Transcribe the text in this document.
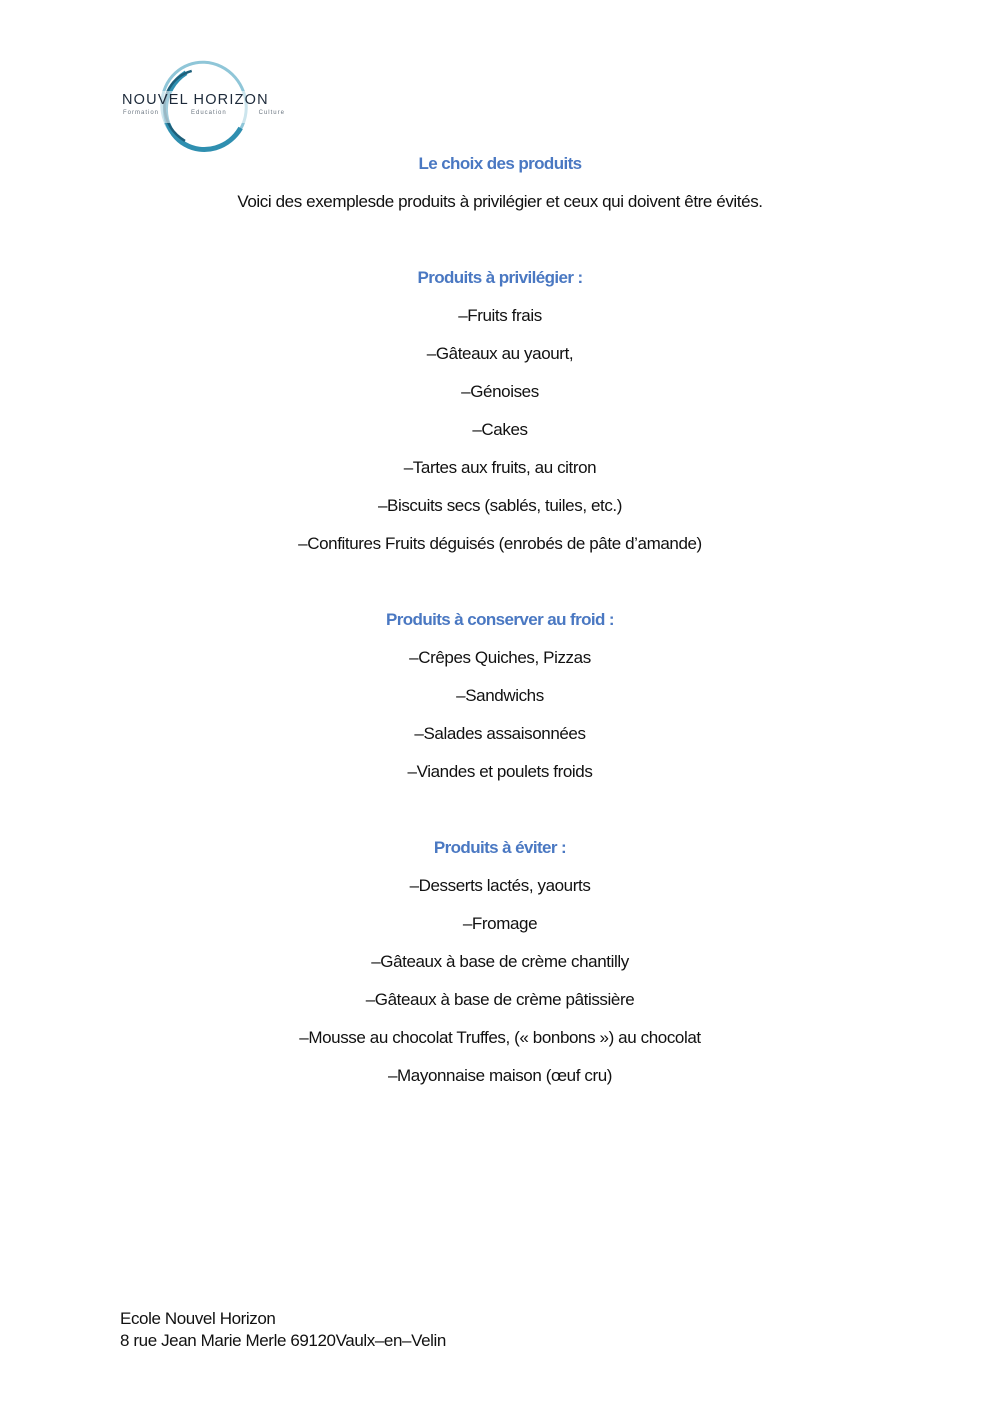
NOUVEL HORIZON
Formation	Education	Culture
Le choix des produits
Voici des exemplesde produits à privilégier et ceux qui doivent être évités.
Produits à privilégier :
–Fruits frais
–Gâteaux au yaourt,
–Génoises
–Cakes
–Tartes aux fruits, au citron
–Biscuits secs (sablés, tuiles, etc.)
–Confitures Fruits déguisés (enrobés de pâte d’amande)
Produits à conserver au froid :
–Crêpes Quiches, Pizzas
–Sandwichs
–Salades assaisonnées
–Viandes et poulets froids
Produits à éviter :
–Desserts lactés, yaourts
–Fromage
–Gâteaux à base de crème chantilly
–Gâteaux à base de crème pâtissière
–Mousse au chocolat Truffes, (« bonbons ») au chocolat
–Mayonnaise maison (œuf cru)
Ecole Nouvel Horizon
8 rue Jean Marie Merle 69120Vaulx–en–Velin
